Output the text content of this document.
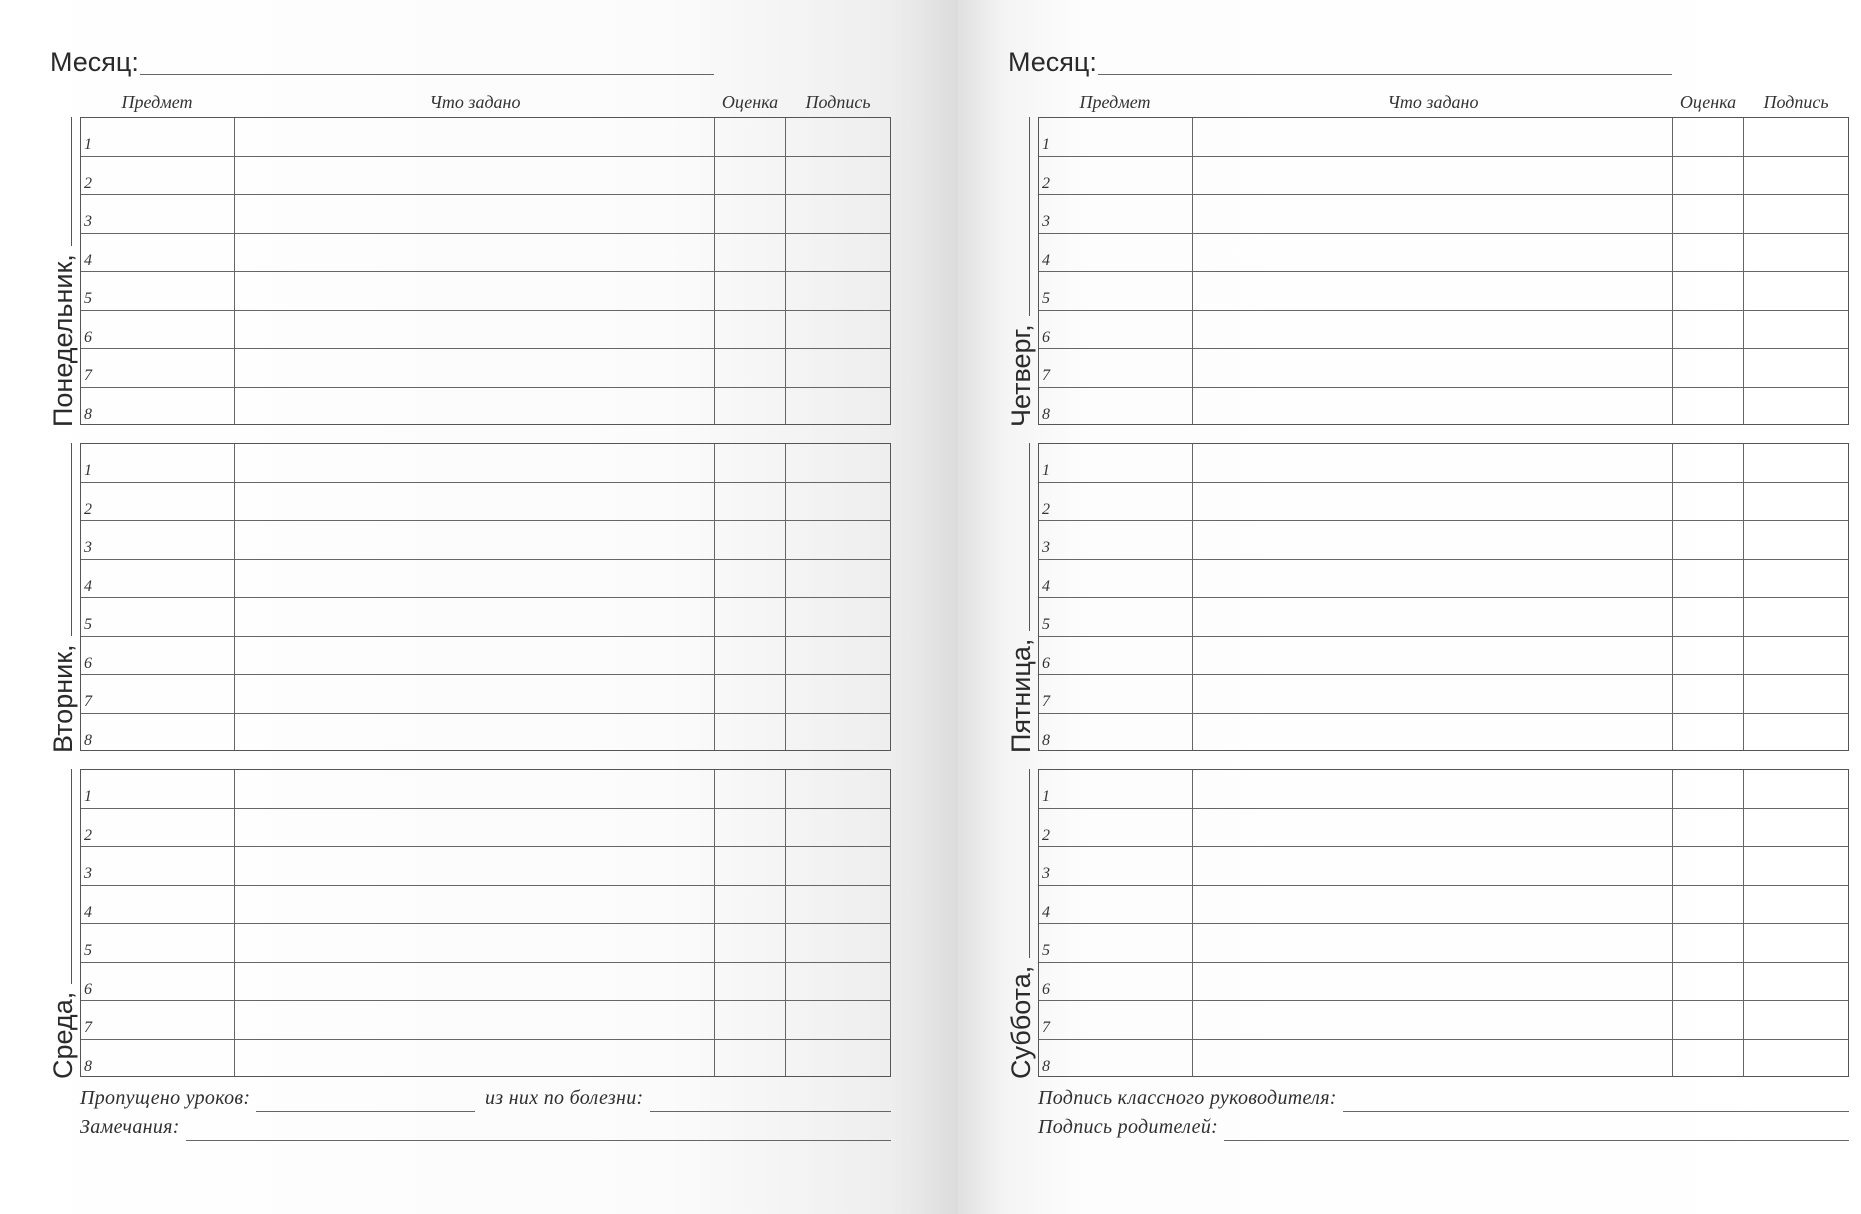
Месяц:
Предмет	Что задано	Оценка Подпись
1
2
3
4
5
6
7
8
Понедельник,
1
2
3
4
5
6
7
8
Вторник,
1
2
3
4
5
6
7
8
Среда,
Пропущено уроков:	из них по болезни:
Замечания:
Месяц:
Предмет	Что задано	Оценка Подпись
1
2
3
4
5
6
7
8
Четверг,
1
2
3
4
5
6
7
8
Пятница,
1
2
3
4
5
6
7
8
Суббота,
Подпись классного руководителя:
Подпись родителей:
